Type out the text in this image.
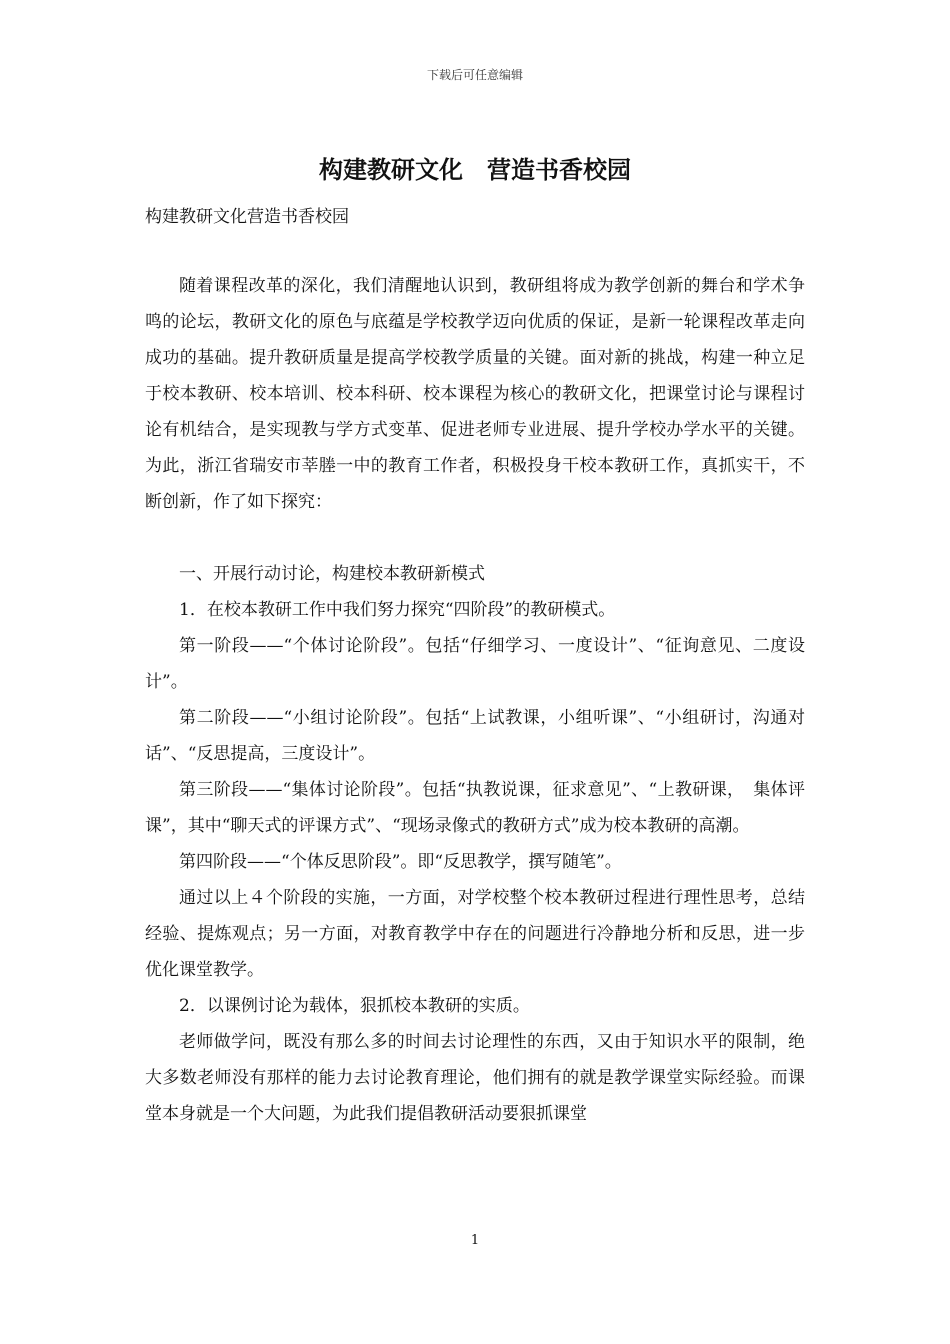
下载后可任意编辑
构建教研文化　营造书香校园
构建教研文化营造书香校园

随着课程改革的深化，我们清醒地认识到，教研组将成为教学创新的舞台和学术争鸣的论坛，教研文化的原色与底蕴是学校教学迈向优质的保证，是新一轮课程改革走向成功的基础。提升教研质量是提高学校教学质量的关键。面对新的挑战，构建一种立足于校本教研、校本培训、校本科研、校本课程为核心的教研文化，把课堂讨论与课程讨论有机结合，是实现教与学方式变革、促进老师专业进展、提升学校办学水平的关键。为此，浙江省瑞安市莘塍一中的教育工作者，积极投身干校本教研工作，真抓实干，不断创新，作了如下探究：

一、开展行动讨论，构建校本教研新模式

1．在校本教研工作中我们努力探究“四阶段”的教研模式。

第一阶段——“个体讨论阶段”。包括“仔细学习、一度设计”、“征询意见、二度设计”。

第二阶段——“小组讨论阶段”。包括“上试教课，小组听课”、“小组研讨，沟通对话”、“反思提高，三度设计”。

第三阶段——“集体讨论阶段”。包括“执教说课，征求意见”、“上教研课，　集体评课”，其中“聊天式的评课方式”、“现场录像式的教研方式”成为校本教研的高潮。

第四阶段——“个体反思阶段”。即“反思教学，撰写随笔”。

通过以上４个阶段的实施，一方面，对学校整个校本教研过程进行理性思考，总结经验、提炼观点；另一方面，对教育教学中存在的问题进行冷静地分析和反思，进一步优化课堂教学。

2．以课例讨论为载体，狠抓校本教研的实质。

老师做学问，既没有那么多的时间去讨论理性的东西，又由于知识水平的限制，绝大多数老师没有那样的能力去讨论教育理论，他们拥有的就是教学课堂实际经验。而课堂本身就是一个大问题，为此我们提倡教研活动要狠抓课堂

1
